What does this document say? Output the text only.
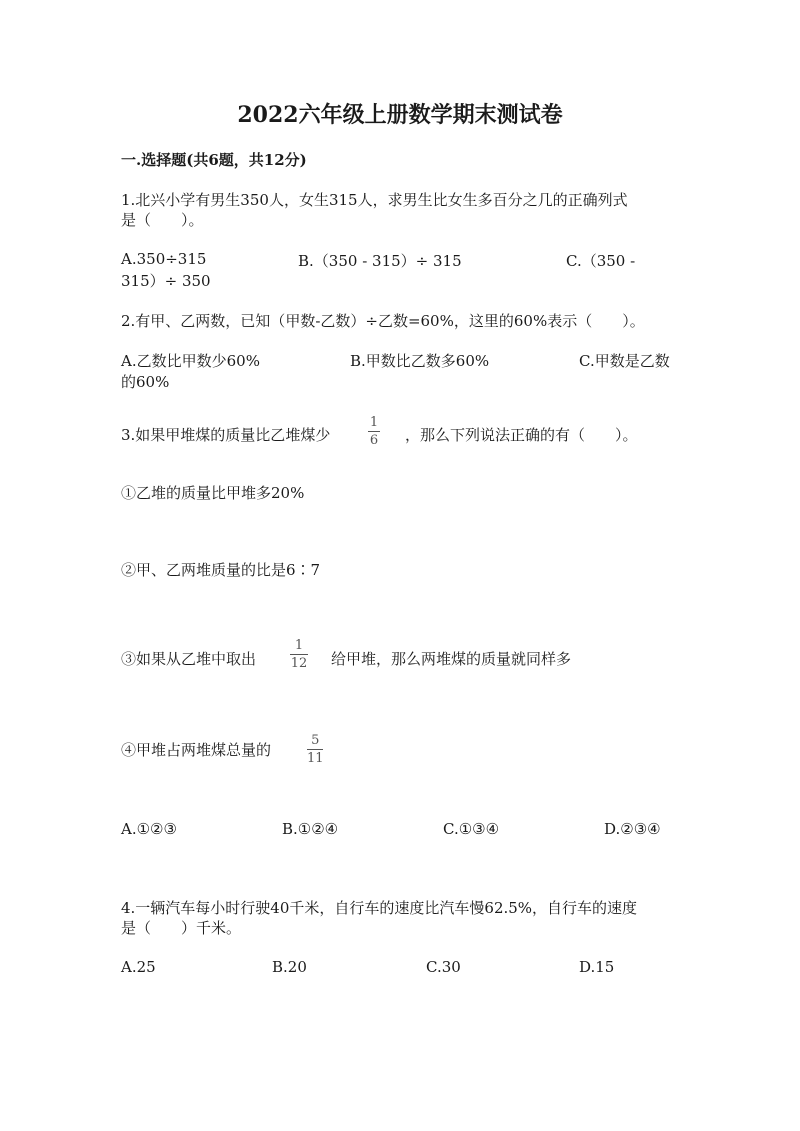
2022六年级上册数学期末测试卷
一.选择题(共6题，共12分)
1.北兴小学有男生350人，女生315人，求男生比女生多百分之几的正确列式
是（　　）。
A.350÷315	B.（350 - 315）÷ 315	C.（350 -
315）÷ 350
2.有甲、乙两数，已知（甲数-乙数）÷乙数=60%，这里的60%表示（　　）。
A.乙数比甲数少60%	B.甲数比乙数多60%	C.甲数是乙数
的60%
3.如果甲堆煤的质量比乙堆煤少
1
6 ，那么下列说法正确的有（　　）。
①乙堆的质量比甲堆多20%
②甲、乙两堆质量的比是6∶7
③如果从乙堆中取出
1
12 给甲堆，那么两堆煤的质量就同样多
④甲堆占两堆煤总量的
5
11
A.①②③	B.①②④	C.①③④	D.②③④
4.一辆汽车每小时行驶40千米，自行车的速度比汽车慢62.5%，自行车的速度
是（　　）千米。
A.25	B.20	C.30	D.15
